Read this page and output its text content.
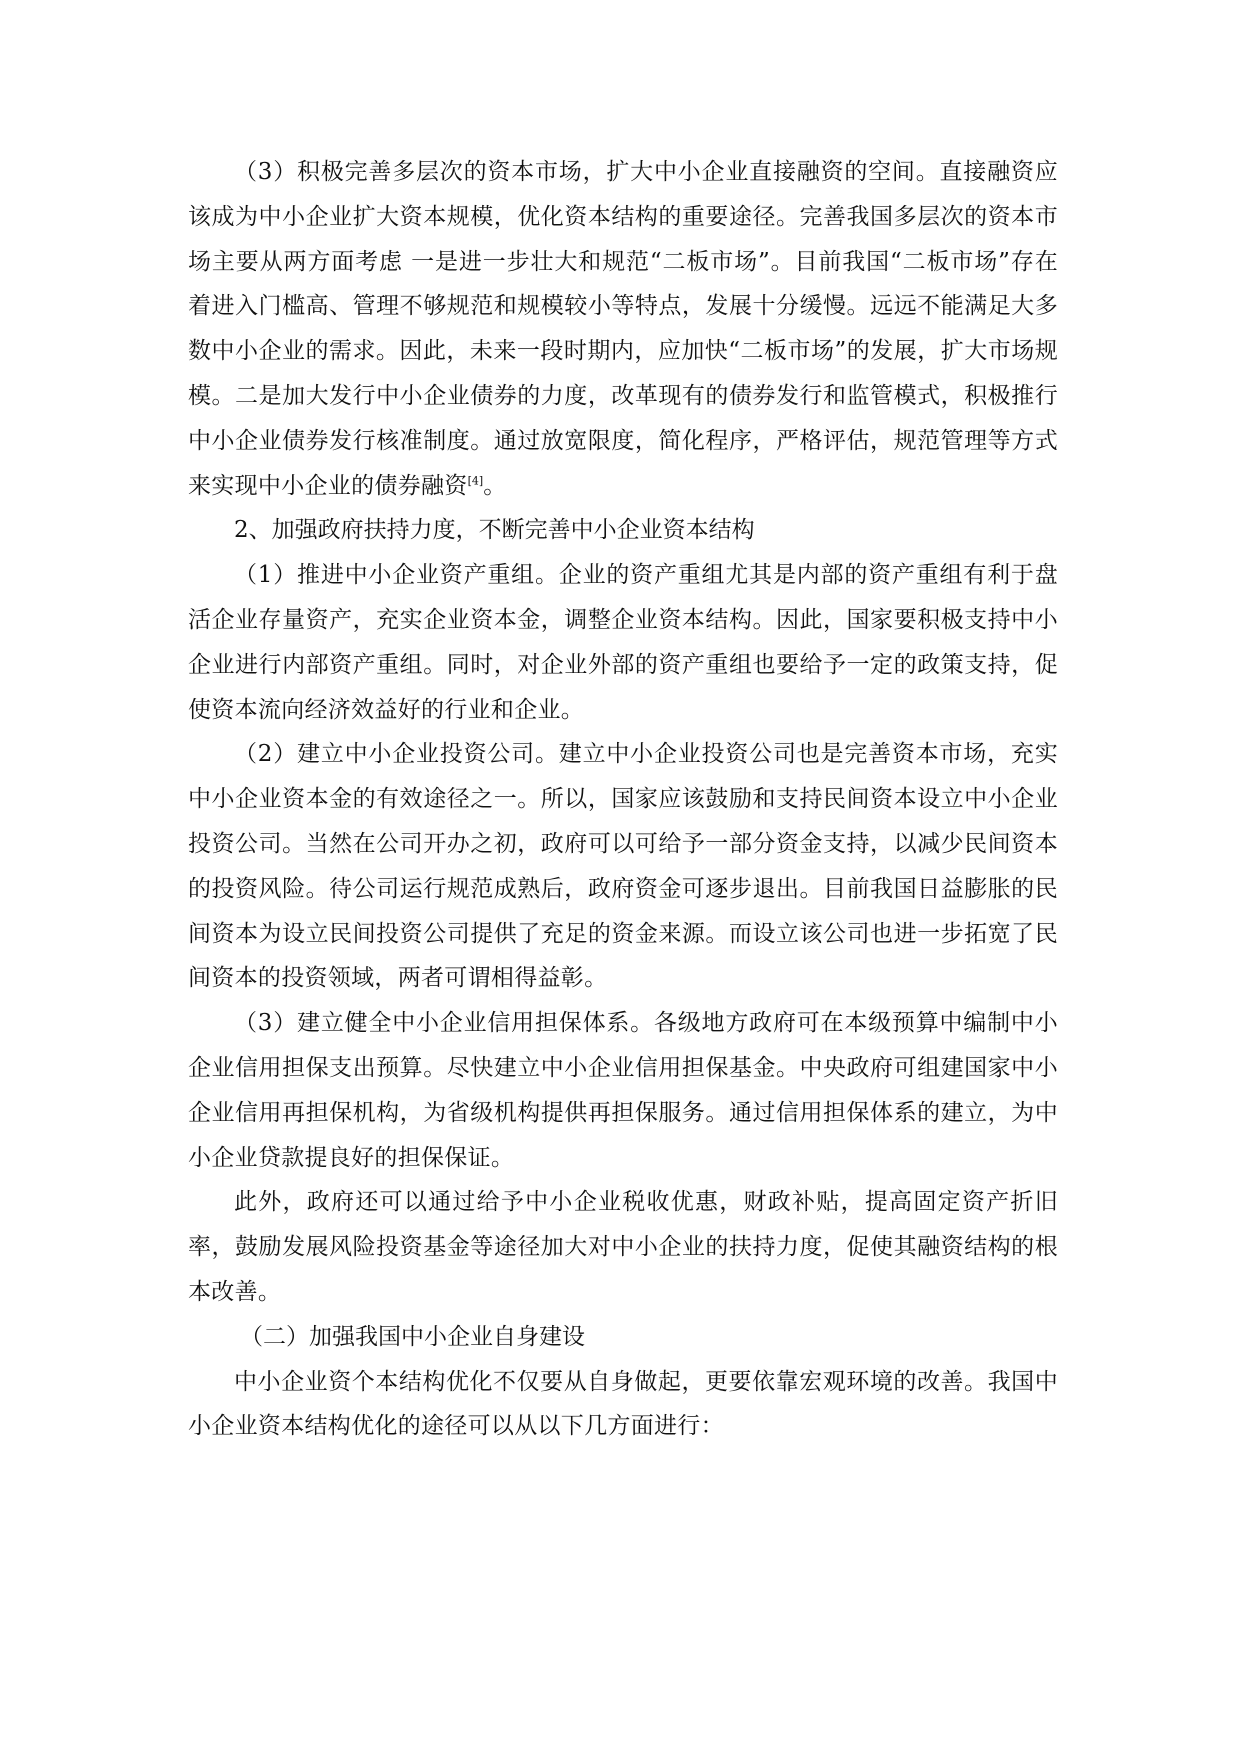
（3）积极完善多层次的资本市场，扩大中小企业直接融资的空间。直接融资应该成为中小企业扩大资本规模，优化资本结构的重要途径。完善我国多层次的资本市场主要从两方面考虑 一是进一步壮大和规范“二板市场”。目前我国“二板市场”存在着进入门槛高、管理不够规范和规模较小等特点，发展十分缓慢。远远不能满足大多数中小企业的需求。因此，未来一段时期内，应加快“二板市场”的发展，扩大市场规模。二是加大发行中小企业债券的力度，改革现有的债券发行和监管模式，积极推行中小企业债券发行核准制度。通过放宽限度，简化程序，严格评估，规范管理等方式来实现中小企业的债券融资[4]。

2、加强政府扶持力度，不断完善中小企业资本结构

（1）推进中小企业资产重组。企业的资产重组尤其是内部的资产重组有利于盘活企业存量资产，充实企业资本金，调整企业资本结构。因此，国家要积极支持中小企业进行内部资产重组。同时，对企业外部的资产重组也要给予一定的政策支持，促使资本流向经济效益好的行业和企业。

（2）建立中小企业投资公司。建立中小企业投资公司也是完善资本市场，充实中小企业资本金的有效途径之一。所以，国家应该鼓励和支持民间资本设立中小企业投资公司。当然在公司开办之初，政府可以可给予一部分资金支持，以减少民间资本的投资风险。待公司运行规范成熟后，政府资金可逐步退出。目前我国日益膨胀的民间资本为设立民间投资公司提供了充足的资金来源。而设立该公司也进一步拓宽了民间资本的投资领域，两者可谓相得益彰。

（3）建立健全中小企业信用担保体系。各级地方政府可在本级预算中编制中小企业信用担保支出预算。尽快建立中小企业信用担保基金。中央政府可组建国家中小企业信用再担保机构，为省级机构提供再担保服务。通过信用担保体系的建立，为中小企业贷款提良好的担保保证。

此外，政府还可以通过给予中小企业税收优惠，财政补贴，提高固定资产折旧率，鼓励发展风险投资基金等途径加大对中小企业的扶持力度，促使其融资结构的根本改善。

（二）加强我国中小企业自身建设

中小企业资个本结构优化不仅要从自身做起，更要依靠宏观环境的改善。我国中小企业资本结构优化的途径可以从以下几方面进行：
